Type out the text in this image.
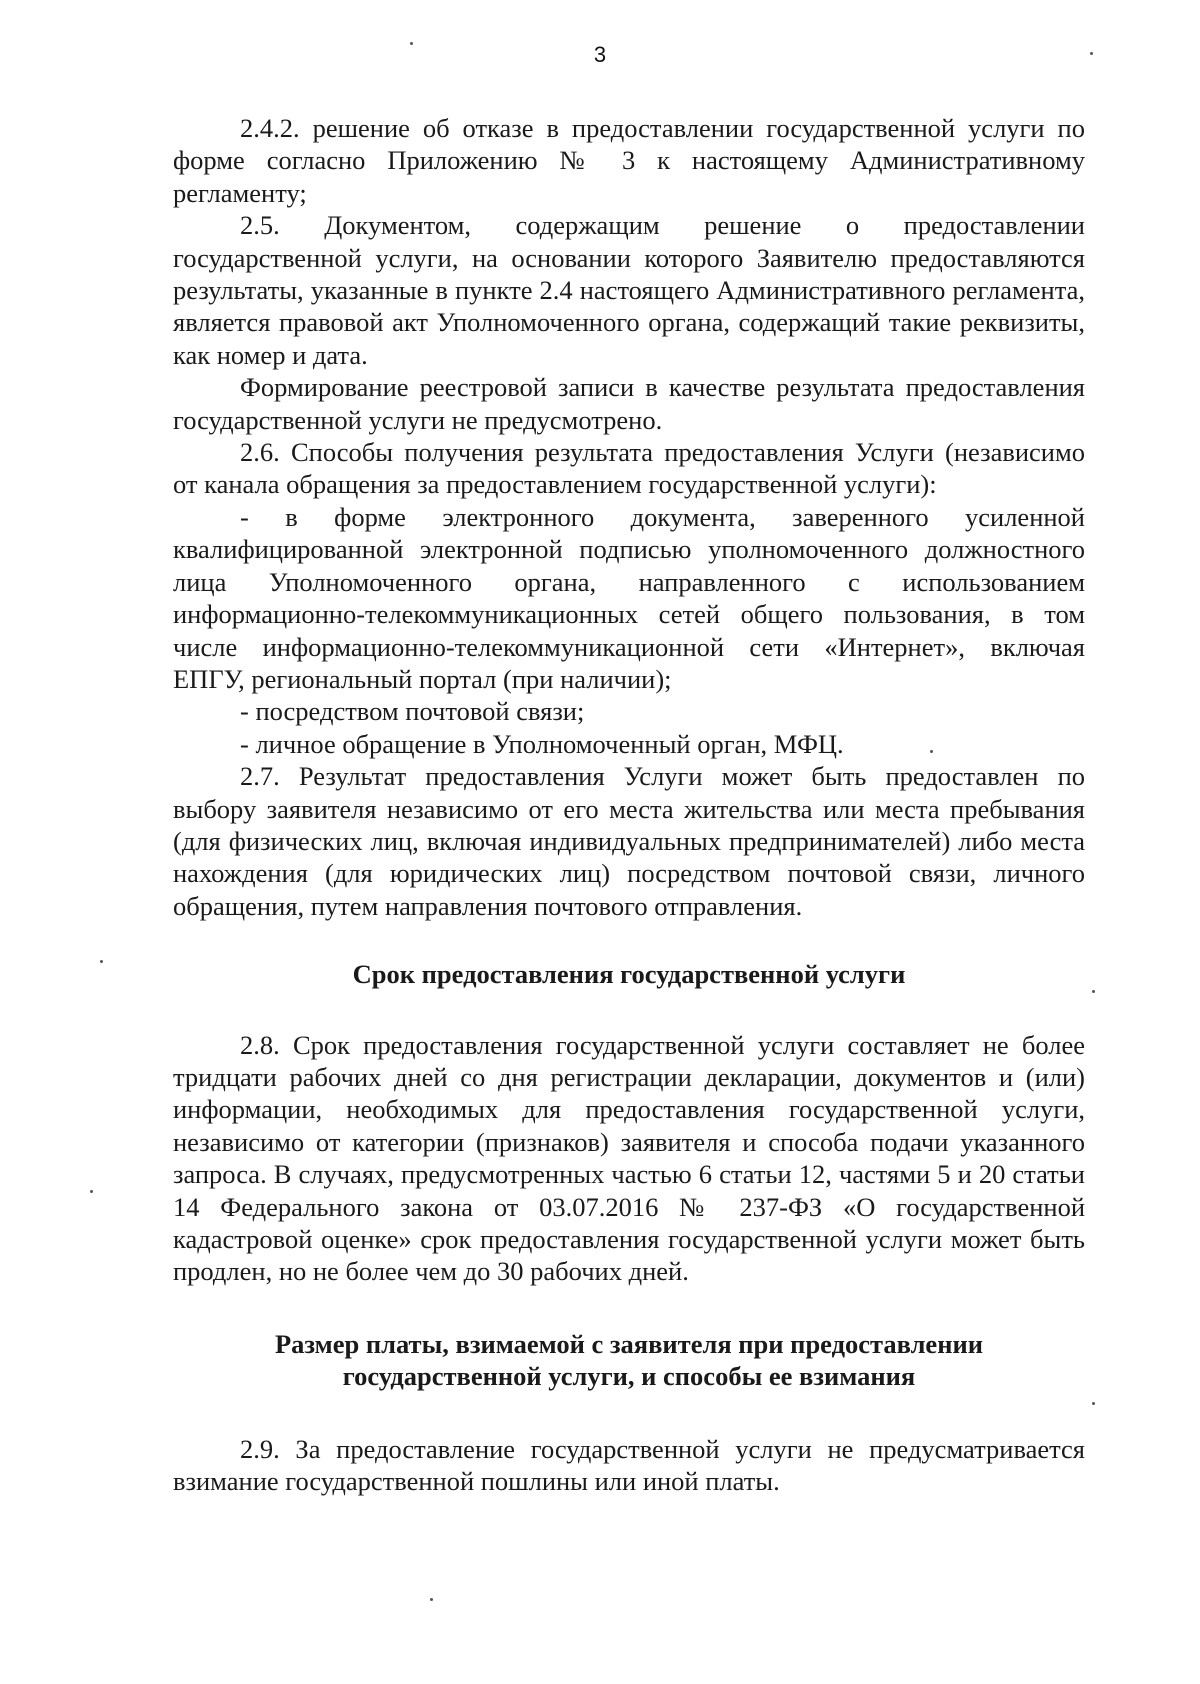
3

2.4.2. решение об отказе в предоставлении государственной услуги по форме согласно Приложению № 3 к настоящему Административному регламенту;

2.5. Документом, содержащим решение о предоставлении государственной услуги, на основании которого Заявителю предоставляются результаты, указанные в пункте 2.4 настоящего Административного регламента, является правовой акт Уполномоченного органа, содержащий такие реквизиты, как номер и дата.

Формирование реестровой записи в качестве результата предоставления государственной услуги не предусмотрено.

2.6. Способы получения результата предоставления Услуги (независимо от канала обращения за предоставлением государственной услуги):

- в форме электронного документа, заверенного усиленной квалифицированной электронной подписью уполномоченного должностного лица Уполномоченного органа, направленного с использованием информационно-телекоммуникационных сетей общего пользования, в том числе информационно-телекоммуникационной сети «Интернет», включая ЕПГУ, региональный портал (при наличии);

- посредством почтовой связи;

- личное обращение в Уполномоченный орган, МФЦ.

2.7. Результат предоставления Услуги может быть предоставлен по выбору заявителя независимо от его места жительства или места пребывания (для физических лиц, включая индивидуальных предпринимателей) либо места нахождения (для юридических лиц) посредством почтовой связи, личного обращения, путем направления почтового отправления.

Срок предоставления государственной услуги

2.8. Срок предоставления государственной услуги составляет не более тридцати рабочих дней со дня регистрации декларации, документов и (или) информации, необходимых для предоставления государственной услуги, независимо от категории (признаков) заявителя и способа подачи указанного запроса. В случаях, предусмотренных частью 6 статьи 12, частями 5 и 20 статьи 14 Федерального закона от 03.07.2016 № 237-ФЗ «О государственной кадастровой оценке» срок предоставления государственной услуги может быть продлен, но не более чем до 30 рабочих дней.

Размер платы, взимаемой с заявителя при предоставлении

государственной услуги, и способы ее взимания

2.9. За предоставление государственной услуги не предусматривается взимание государственной пошлины или иной платы.
